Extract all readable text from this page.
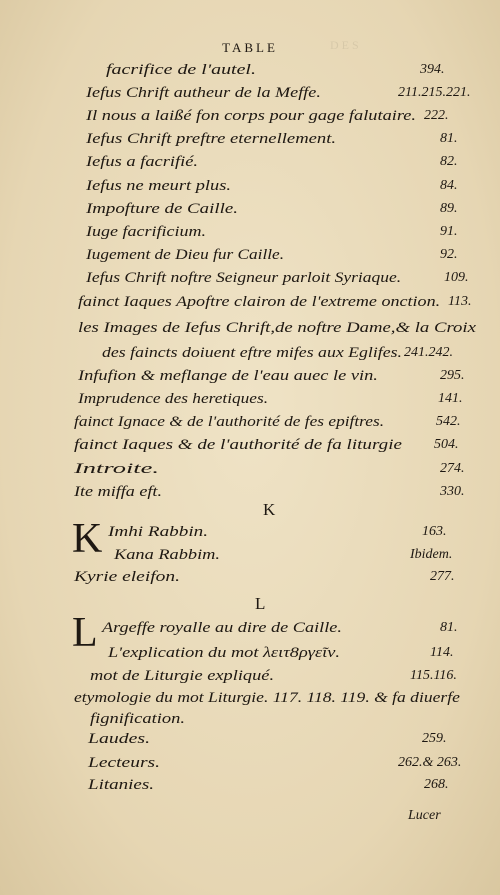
DES
TABLE
facrifice de l'autel.	394.
Iefus Chrift autheur de la Meffe.	211.215.221.
Il nous a laißé fon corps pour gage falutaire. 222.
Iefus Chrift preftre eternellement.	81.
Iefus a facrifié.	82.
Iefus ne meurt plus.	84.
Impofture de Caille.	89.
Iuge facrificium.	91.
Iugement de Dieu fur Caille.	92.
Iefus Chrift noftre Seigneur parloit Syriaque.	109.
fainct Iaques Apoftre clairon de l'extreme onction. 113.
les Images de Iefus Chrift,de noftre Dame,& la Croix
des faincts doiuent eftre mifes aux Eglifes. 241.242.
Infufion & meflange de l'eau auec le vin.	295.
Imprudence des heretiques.	141.
fainct Ignace & de l'authorité de fes epiftres.	542.
fainct Iaques & de l'authorité de fa liturgie 504.
Introite.	274.
Ite miffa eft.	330.
K
K Imhi Rabbin.	163.
Kana Rabbim.	Ibidem.
Kyrie eleifon.	277.
L
L Argeffe royalle au dire de Caille.	81.
L'explication du mot λειτ8ργεῖν.	114.
mot de Liturgie expliqué.	115.116.
etymologie du mot Liturgie. 117. 118. 119. & fa diuerfe
fignification.
Laudes.	259.
Lecteurs.	262.& 263.
Litanies.	268.
Lucer
